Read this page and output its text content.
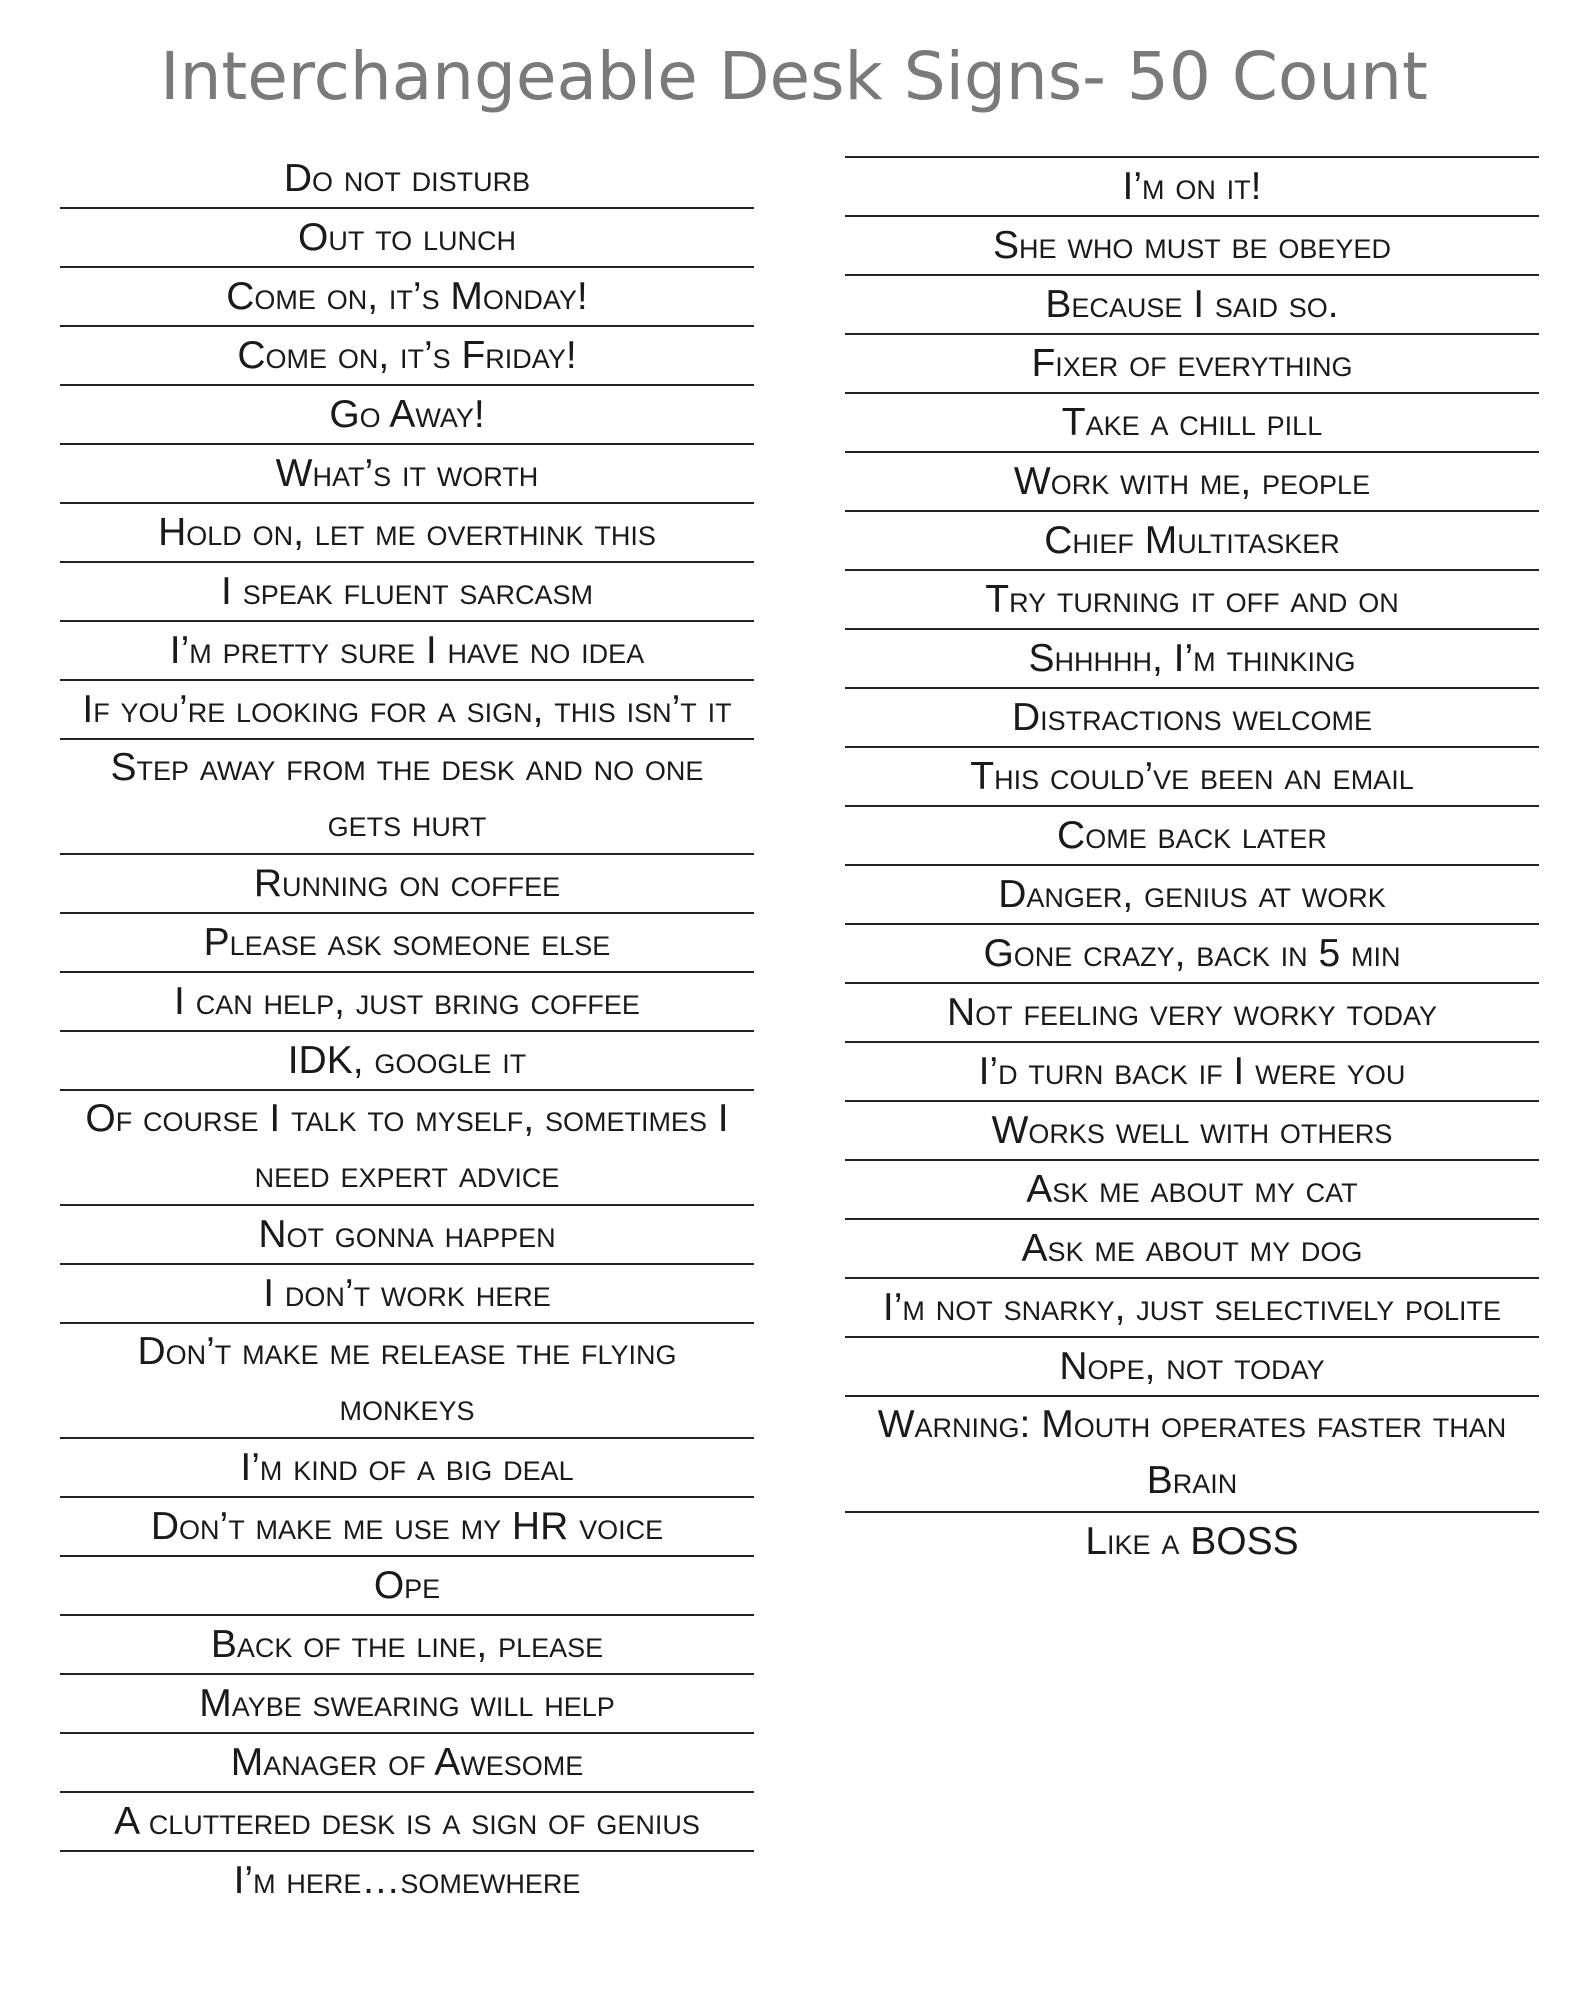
Interchangeable Desk Signs- 50 Count
Do not disturb
Out to lunch
Come on, it’s Monday!
Come on, it’s Friday!
Go Away!
What’s it worth
Hold on, let me overthink this
I speak fluent sarcasm
I’m pretty sure I have no idea
If you’re looking for a sign, this isn’t it
Step away from the desk and no one gets hurt
Running on coffee
Please ask someone else
I can help, just bring coffee
IDK, google it
Of course I talk to myself, sometimes I need expert advice
Not gonna happen
I don’t work here
Don’t make me release the flying monkeys
I’m kind of a big deal
Don’t make me use my HR voice
Ope
Back of the line, please
Maybe swearing will help
Manager of Awesome
A cluttered desk is a sign of genius
I’m here…somewhere
I’m on it!
She who must be obeyed
Because I said so.
Fixer of everything
Take a chill pill
Work with me, people
Chief Multitasker
Try turning it off and on
Shhhhh, I’m thinking
Distractions welcome
This could’ve been an email
Come back later
Danger, genius at work
Gone crazy, back in 5 min
Not feeling very worky today
I’d turn back if I were you
Works well with others
Ask me about my cat
Ask me about my dog
I’m not snarky, just selectively polite
Nope, not today
Warning: Mouth operates faster than Brain
Like a BOSS
